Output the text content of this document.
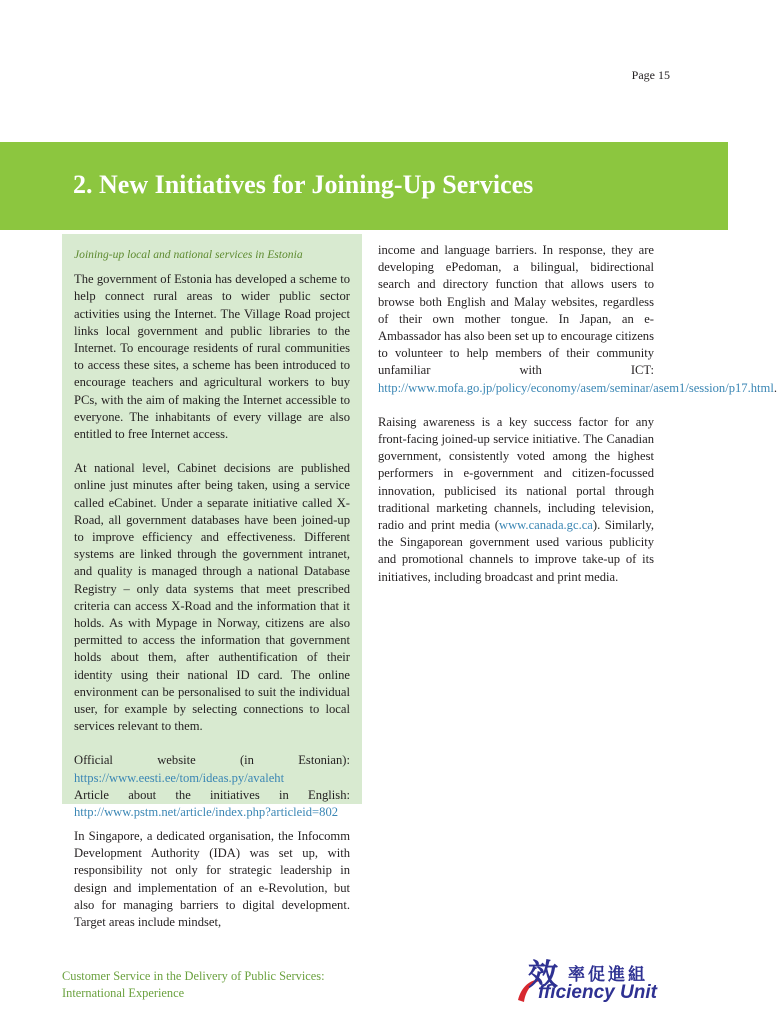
Page 15
2. New Initiatives for Joining-Up Services
Joining-up local and national services in Estonia

The government of Estonia has developed a scheme to help connect rural areas to wider public sector activities using the Internet. The Village Road project links local government and public libraries to the Internet. To encourage residents of rural communities to access these sites, a scheme has been introduced to encourage teachers and agricultural workers to buy PCs, with the aim of making the Internet accessible to everyone. The inhabitants of every village are also entitled to free Internet access.

At national level, Cabinet decisions are published online just minutes after being taken, using a service called eCabinet. Under a separate initiative called X-Road, all government databases have been joined-up to improve efficiency and effectiveness. Different systems are linked through the government intranet, and quality is managed through a national Database Registry – only data systems that meet prescribed criteria can access X-Road and the information that it holds. As with Mypage in Norway, citizens are also permitted to access the information that government holds about them, after authentification of their identity using their national ID card. The online environment can be personalised to suit the individual user, for example by selecting connections to local services relevant to them.

Official website (in Estonian): https://www.eesti.ee/tom/ideas.py/avaleht
Article about the initiatives in English: http://www.pstm.net/article/index.php?articleid=802

In Singapore, a dedicated organisation, the Infocomm Development Authority (IDA) was set up, with responsibility not only for strategic leadership in design and implementation of an e-Revolution, but also for managing barriers to digital development. Target areas include mindset,

income and language barriers. In response, they are developing ePedoman, a bilingual, bidirectional search and directory function that allows users to browse both English and Malay websites, regardless of their own mother tongue. In Japan, an e-Ambassador has also been set up to encourage citizens to volunteer to help members of their community unfamiliar with ICT: http://www.mofa.go.jp/policy/economy/asem/seminar/asem1/session/p17.html.

Raising awareness is a key success factor for any front-facing joined-up service initiative. The Canadian government, consistently voted among the highest performers in e-government and citizen-focussed innovation, publicised its national portal through traditional marketing channels, including television, radio and print media (www.canada.gc.ca). Similarly, the Singaporean government used various publicity and promotional channels to improve take-up of its initiatives, including broadcast and print media.

Customer Service in the Delivery of Public Services:
International Experience	效 率促進組
fficiency Unit
